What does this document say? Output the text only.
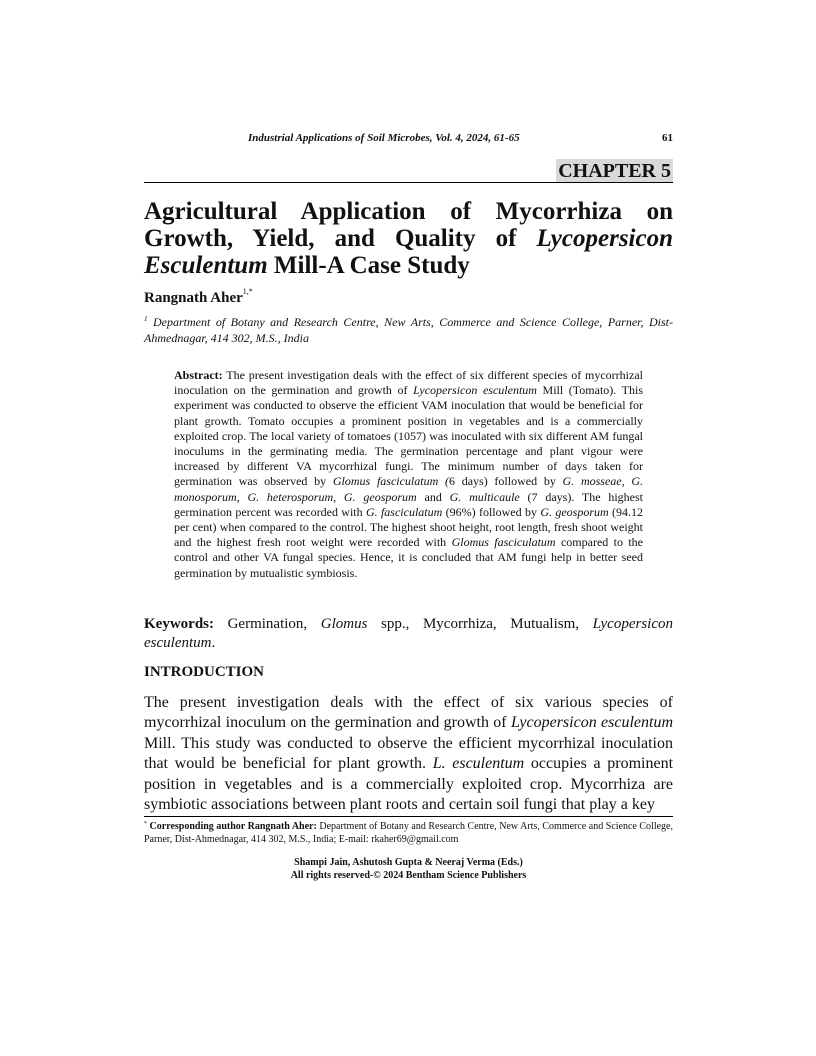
Industrial Applications of Soil Microbes, Vol. 4, 2024, 61-65	61
CHAPTER 5
Agricultural Application of Mycorrhiza on Growth, Yield, and Quality of Lycopersicon Esculentum Mill-A Case Study
Rangnath Aher$^{1,*}$
$^1$ Department of Botany and Research Centre, New Arts, Commerce and Science College, Parner, Dist- Ahmednagar, 414 302, M.S., India
Abstract: The present investigation deals with the effect of six different species of mycorrhizal inoculation on the germination and growth of Lycopersicon esculentum Mill (Tomato). This experiment was conducted to observe the efficient VAM inoculation that would be beneficial for plant growth. Tomato occupies a prominent position in vegetables and is a commercially exploited crop. The local variety of tomatoes (1057) was inoculated with six different AM fungal inoculums in the germinating media. The germination percentage and plant vigour were increased by different VA mycorrhizal fungi. The minimum number of days taken for germination was observed by Glomus fasciculatum (6 days) followed by G. mosseae, G. monosporum, G. heterosporum, G. geosporum and G. multicaule (7 days). The highest germination percent was recorded with G. fasciculatum (96%) followed by G. geosporum (94.12 per cent) when compared to the control. The highest shoot height, root length, fresh shoot weight and the highest fresh root weight were recorded with Glomus fasciculatum compared to the control and other VA fungal species. Hence, it is concluded that AM fungi help in better seed germination by mutualistic symbiosis.
Keywords: Germination, Glomus spp., Mycorrhiza, Mutualism, Lycopersicon esculentum.
INTRODUCTION
The present investigation deals with the effect of six various species of mycorrhizal inoculum on the germination and growth of Lycopersicon esculentum Mill. This study was conducted to observe the efficient mycorrhizal inoculation that would be beneficial for plant growth. L. esculentum occupies a prominent position in vegetables and is a commercially exploited crop. Mycorrhiza are symbiotic associations between plant roots and certain soil fungi that play a key
* Corresponding author Rangnath Aher: Department of Botany and Research Centre, New Arts, Commerce and Science College, Parner, Dist-Ahmednagar, 414 302, M.S., India; E-mail: rkaher69@gmail.com
Shampi Jain, Ashutosh Gupta & Neeraj Verma (Eds.)
All rights reserved-© 2024 Bentham Science Publishers
